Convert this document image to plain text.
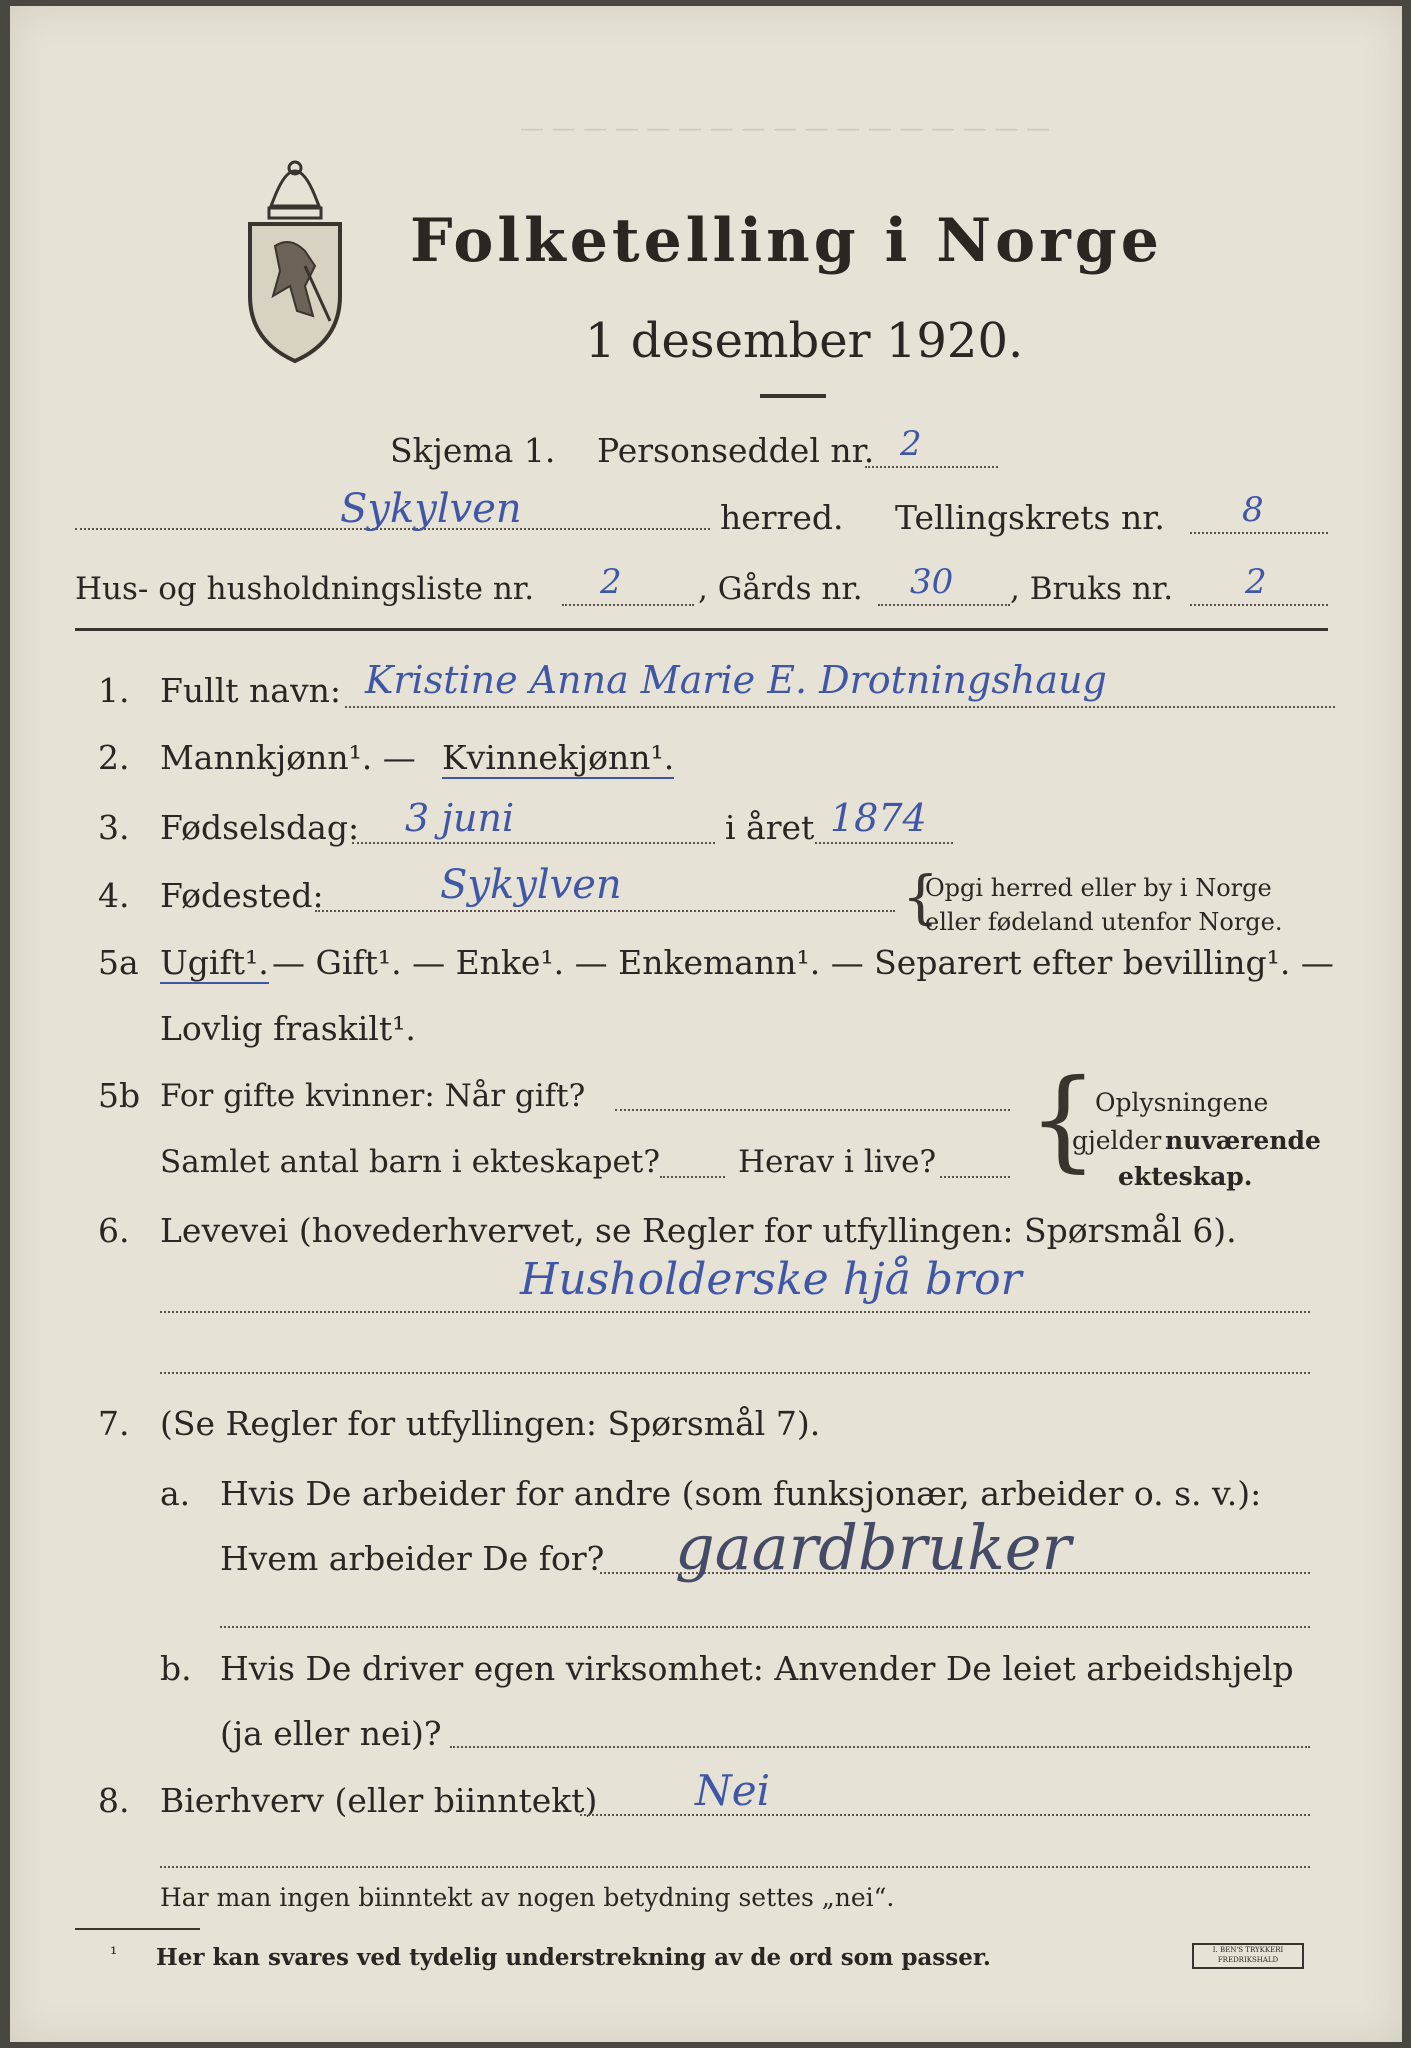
— — — — — — — — — — — — — — — — —
Folketelling i Norge
1 desember 1920.
Skjema 1. Personseddel nr. 2
Sykylven	herred. Tellingskrets nr. 8
Hus- og husholdningsliste nr. 2 , Gårds nr. 30 , Bruks nr. 2
1. Fullt navn: Kristine Anna Marie E. Drotningshaug
2. Mannkjønn¹. — Kvinnekjønn¹.
3. Fødselsdag: 3 juni	i året 1874
4. Fødested:	Sykylven	{
Opgi herred eller by i Norge
eller fødeland utenfor Norge.
5a Ugift¹. — Gift¹. — Enke¹. — Enkemann¹. — Separert efter bevilling¹. —
Lovlig fraskilt¹.
5b For gifte kvinner: Når gift?
Samlet antal barn i ekteskapet?	Herav i live? {
Oplysningene
gjelder nuværende
ekteskap.
6. Levevei (hovederhvervet, se Regler for utfyllingen: Spørsmål 6).
Husholderske hjå bror
7. (Se Regler for utfyllingen: Spørsmål 7).
a. Hvis De arbeider for andre (som funksjonær, arbeider o. s. v.):
Hvem arbeider De for? gaardbruker
b. Hvis De driver egen virksomhet: Anvender De leiet arbeidshjelp
(ja eller nei)?
8. Bierhverv (eller biinntekt) Nei
Har man ingen biinntekt av nogen betydning settes „nei“.
¹ Her kan svares ved tydelig understrekning av de ord som passer.	I. BEN'S TRYKKERI FREDRIKSHALD
